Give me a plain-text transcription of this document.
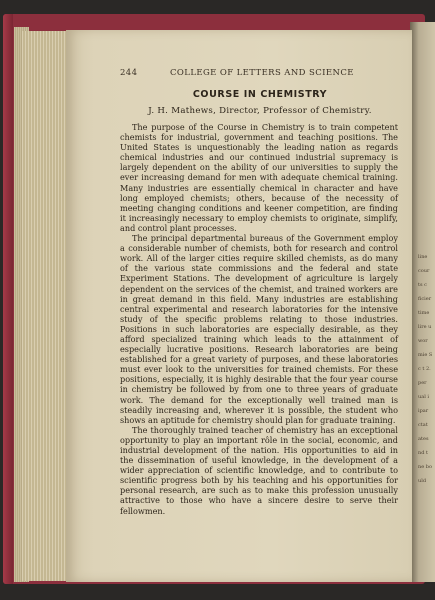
line cour ts c ficier time lire u wor mie S c t 2. per ual i ipar ctat ates nd t ne bo uld
244	COLLEGE OF LETTERS AND SCIENCE
COURSE IN CHEMISTRY
J. H. Mathews, Director, Professor of Chemistry.

The purpose of the Course in Chemistry is to train competent chemists for industrial, government and teaching positions. The United States is unquestionably the leading nation as regards chemical industries and our continued industrial supremacy is largely dependent on the ability of our universities to supply the ever increasing demand for men with adequate chemical training. Many industries are essentially chemical in character and have long employed chemists; others, because of the necessity of meeting changing conditions and keener competition, are finding it increasingly necessary to employ chemists to originate, simplify, and control plant processes.

The principal departmental bureaus of the Government employ a considerable number of chemists, both for research and control work. All of the larger cities require skilled chemists, as do many of the various state commissions and the federal and state Experiment Stations. The development of agriculture is largely dependent on the services of the chemist, and trained workers are in great demand in this field. Many industries are establishing central experimental and research laboratories for the intensive study of the specific problems relating to those industries. Positions in such laboratories are especially desirable, as they afford specialized training which leads to the attainment of especially lucrative positions. Research laboratories are being established for a great variety of purposes, and these laboratories must ever look to the universities for trained chemists. For these positions, especially, it is highly desirable that the four year course in chemistry be followed by from one to three years of graduate work. The demand for the exceptionally well trained man is steadily increasing and, wherever it is possible, the student who shows an aptitude for chemistry should plan for graduate training.

The thoroughly trained teacher of chemistry has an exceptional opportunity to play an important rôle in the social, economic, and industrial development of the nation. His opportunities to aid in the dissemination of useful knowledge, in the development of a wider appreciation of scientific knowledge, and to contribute to scientific progress both by his teaching and his opportunities for personal research, are such as to make this profession unusually attractive to those who have a sincere desire to serve their fellowmen.
